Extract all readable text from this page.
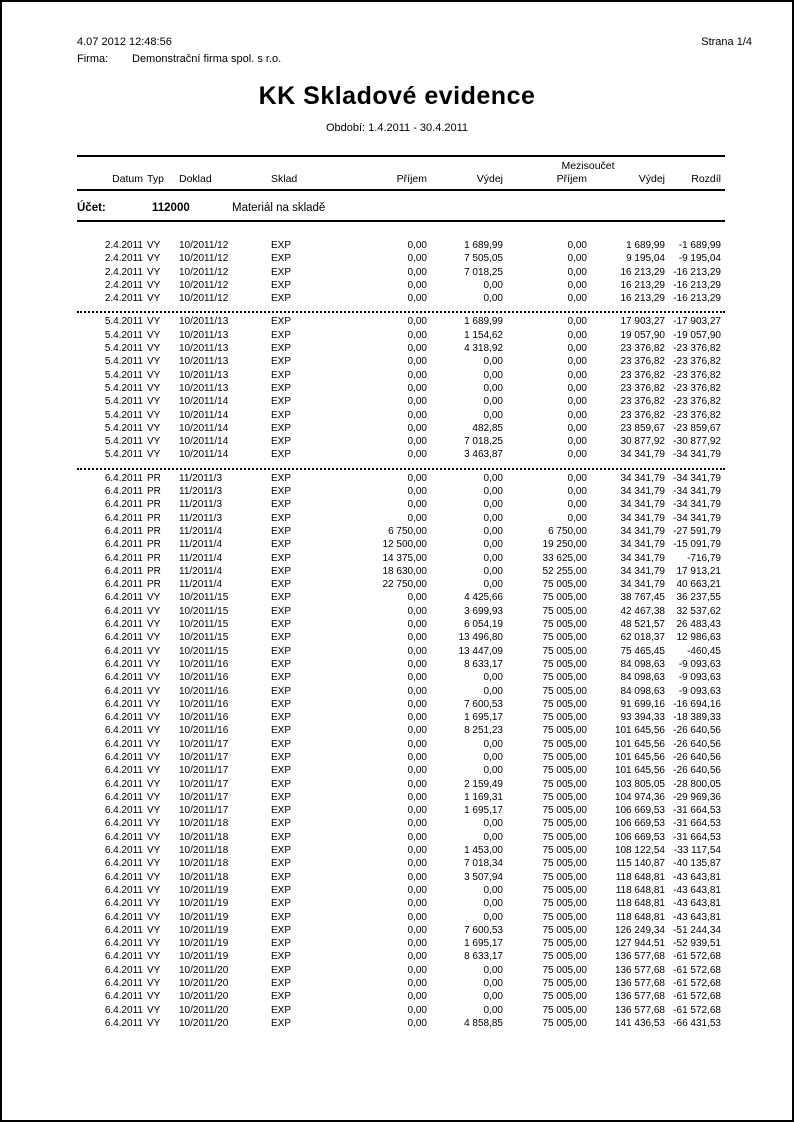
4.07 2012 12:48:56	Strana 1/4
Firma: Demonstrační firma spol. s r.o.
KK Skladové evidence
Období: 1.4.2011 - 30.4.2011
						Mezisoučet		
Datum	Typ	Doklad	Sklad	Příjem	Výdej	Příjem	Výdej	Rozdíl
Účet:	112000	Materiál na skladě
2.4.2011	VY	10/2011/12	EXP	0,00	1 689,99	0,00	1 689,99	-1 689,99
2.4.2011	VY	10/2011/12	EXP	0,00	7 505,05	0,00	9 195,04	-9 195,04
2.4.2011	VY	10/2011/12	EXP	0,00	7 018,25	0,00	16 213,29	-16 213,29
2.4.2011	VY	10/2011/12	EXP	0,00	0,00	0,00	16 213,29	-16 213,29
2.4.2011	VY	10/2011/12	EXP	0,00	0,00	0,00	16 213,29	-16 213,29

5.4.2011	VY	10/2011/13	EXP	0,00	1 689,99	0,00	17 903,27	-17 903,27
5.4.2011	VY	10/2011/13	EXP	0,00	1 154,62	0,00	19 057,90	-19 057,90
5.4.2011	VY	10/2011/13	EXP	0,00	4 318,92	0,00	23 376,82	-23 376,82
5.4.2011	VY	10/2011/13	EXP	0,00	0,00	0,00	23 376,82	-23 376,82
5.4.2011	VY	10/2011/13	EXP	0,00	0,00	0,00	23 376,82	-23 376,82
5.4.2011	VY	10/2011/13	EXP	0,00	0,00	0,00	23 376,82	-23 376,82
5.4.2011	VY	10/2011/14	EXP	0,00	0,00	0,00	23 376,82	-23 376,82
5.4.2011	VY	10/2011/14	EXP	0,00	0,00	0,00	23 376,82	-23 376,82
5.4.2011	VY	10/2011/14	EXP	0,00	482,85	0,00	23 859,67	-23 859,67
5.4.2011	VY	10/2011/14	EXP	0,00	7 018,25	0,00	30 877,92	-30 877,92
5.4.2011	VY	10/2011/14	EXP	0,00	3 463,87	0,00	34 341,79	-34 341,79

6.4.2011	PR	11/2011/3	EXP	0,00	0,00	0,00	34 341,79	-34 341,79
6.4.2011	PR	11/2011/3	EXP	0,00	0,00	0,00	34 341,79	-34 341,79
6.4.2011	PR	11/2011/3	EXP	0,00	0,00	0,00	34 341,79	-34 341,79
6.4.2011	PR	11/2011/3	EXP	0,00	0,00	0,00	34 341,79	-34 341,79
6.4.2011	PR	11/2011/4	EXP	6 750,00	0,00	6 750,00	34 341,79	-27 591,79
6.4.2011	PR	11/2011/4	EXP	12 500,00	0,00	19 250,00	34 341,79	-15 091,79
6.4.2011	PR	11/2011/4	EXP	14 375,00	0,00	33 625,00	34 341,79	-716,79
6.4.2011	PR	11/2011/4	EXP	18 630,00	0,00	52 255,00	34 341,79	17 913,21
6.4.2011	PR	11/2011/4	EXP	22 750,00	0,00	75 005,00	34 341,79	40 663,21
6.4.2011	VY	10/2011/15	EXP	0,00	4 425,66	75 005,00	38 767,45	36 237,55
6.4.2011	VY	10/2011/15	EXP	0,00	3 699,93	75 005,00	42 467,38	32 537,62
6.4.2011	VY	10/2011/15	EXP	0,00	6 054,19	75 005,00	48 521,57	26 483,43
6.4.2011	VY	10/2011/15	EXP	0,00	13 496,80	75 005,00	62 018,37	12 986,63
6.4.2011	VY	10/2011/15	EXP	0,00	13 447,09	75 005,00	75 465,45	-460,45
6.4.2011	VY	10/2011/16	EXP	0,00	8 633,17	75 005,00	84 098,63	-9 093,63
6.4.2011	VY	10/2011/16	EXP	0,00	0,00	75 005,00	84 098,63	-9 093,63
6.4.2011	VY	10/2011/16	EXP	0,00	0,00	75 005,00	84 098,63	-9 093,63
6.4.2011	VY	10/2011/16	EXP	0,00	7 600,53	75 005,00	91 699,16	-16 694,16
6.4.2011	VY	10/2011/16	EXP	0,00	1 695,17	75 005,00	93 394,33	-18 389,33
6.4.2011	VY	10/2011/16	EXP	0,00	8 251,23	75 005,00	101 645,56	-26 640,56
6.4.2011	VY	10/2011/17	EXP	0,00	0,00	75 005,00	101 645,56	-26 640,56
6.4.2011	VY	10/2011/17	EXP	0,00	0,00	75 005,00	101 645,56	-26 640,56
6.4.2011	VY	10/2011/17	EXP	0,00	0,00	75 005,00	101 645,56	-26 640,56
6.4.2011	VY	10/2011/17	EXP	0,00	2 159,49	75 005,00	103 805,05	-28 800,05
6.4.2011	VY	10/2011/17	EXP	0,00	1 169,31	75 005,00	104 974,36	-29 969,36
6.4.2011	VY	10/2011/17	EXP	0,00	1 695,17	75 005,00	106 669,53	-31 664,53
6.4.2011	VY	10/2011/18	EXP	0,00	0,00	75 005,00	106 669,53	-31 664,53
6.4.2011	VY	10/2011/18	EXP	0,00	0,00	75 005,00	106 669,53	-31 664,53
6.4.2011	VY	10/2011/18	EXP	0,00	1 453,00	75 005,00	108 122,54	-33 117,54
6.4.2011	VY	10/2011/18	EXP	0,00	7 018,34	75 005,00	115 140,87	-40 135,87
6.4.2011	VY	10/2011/18	EXP	0,00	3 507,94	75 005,00	118 648,81	-43 643,81
6.4.2011	VY	10/2011/19	EXP	0,00	0,00	75 005,00	118 648,81	-43 643,81
6.4.2011	VY	10/2011/19	EXP	0,00	0,00	75 005,00	118 648,81	-43 643,81
6.4.2011	VY	10/2011/19	EXP	0,00	0,00	75 005,00	118 648,81	-43 643,81
6.4.2011	VY	10/2011/19	EXP	0,00	7 600,53	75 005,00	126 249,34	-51 244,34
6.4.2011	VY	10/2011/19	EXP	0,00	1 695,17	75 005,00	127 944,51	-52 939,51
6.4.2011	VY	10/2011/19	EXP	0,00	8 633,17	75 005,00	136 577,68	-61 572,68
6.4.2011	VY	10/2011/20	EXP	0,00	0,00	75 005,00	136 577,68	-61 572,68
6.4.2011	VY	10/2011/20	EXP	0,00	0,00	75 005,00	136 577,68	-61 572,68
6.4.2011	VY	10/2011/20	EXP	0,00	0,00	75 005,00	136 577,68	-61 572,68
6.4.2011	VY	10/2011/20	EXP	0,00	0,00	75 005,00	136 577,68	-61 572,68
6.4.2011	VY	10/2011/20	EXP	0,00	4 858,85	75 005,00	141 436,53	-66 431,53
